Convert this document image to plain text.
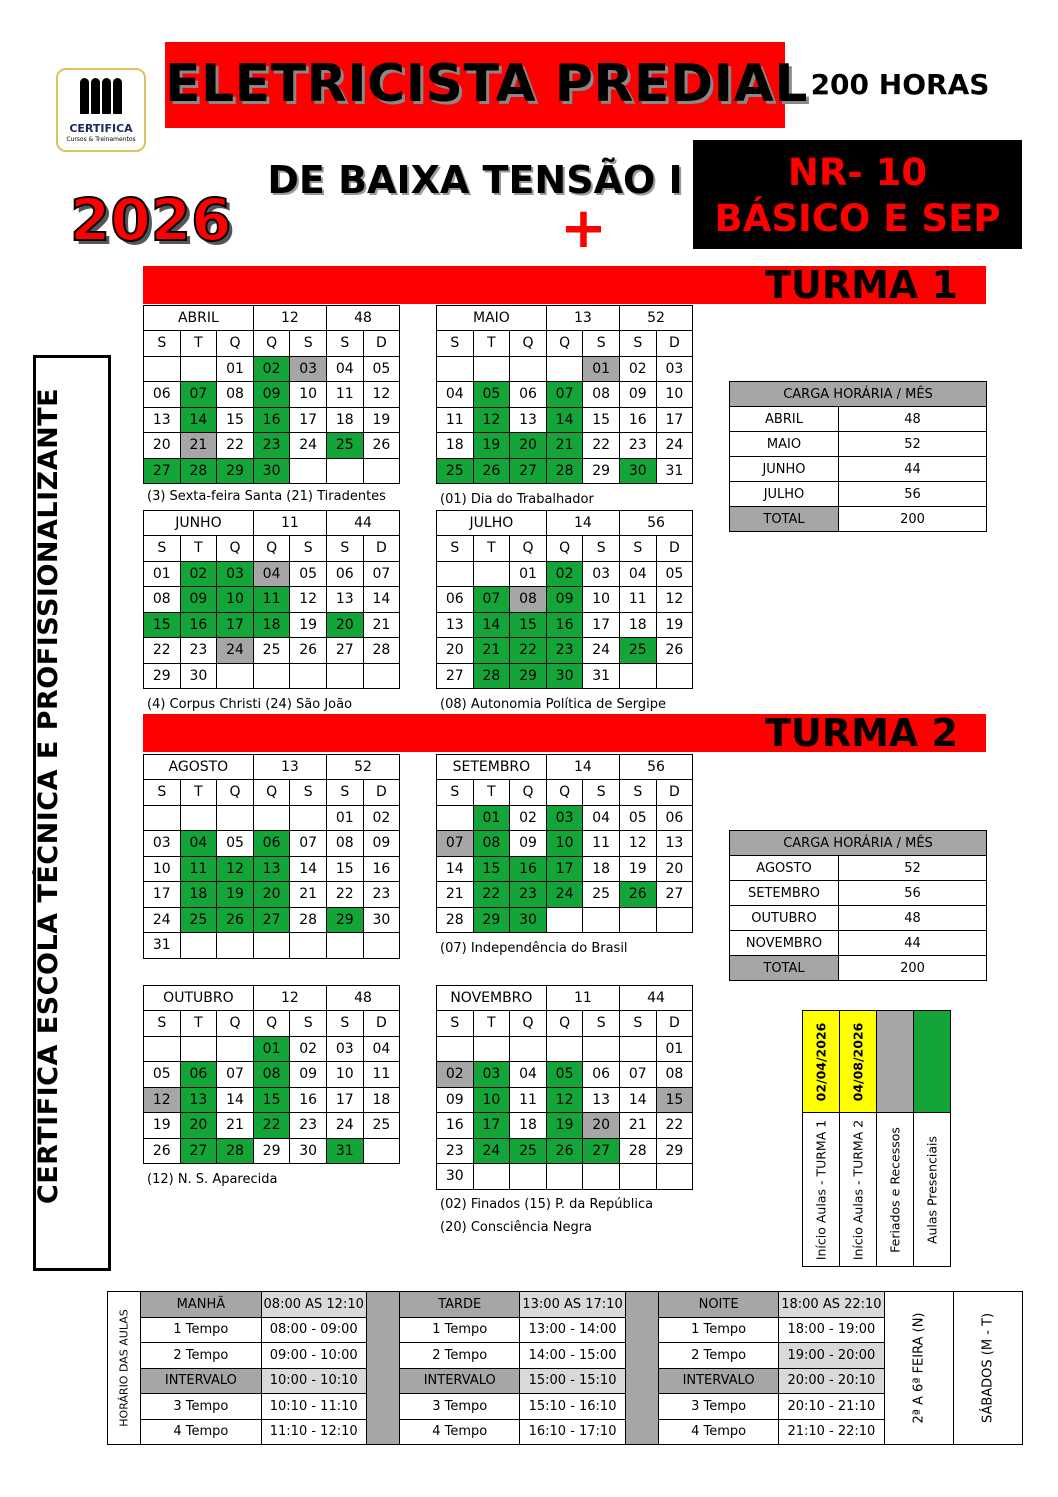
CERTIFICA
Cursos & Treinamentos
ELETRICISTA PREDIAL 200 HORAS
DE BAIXA TENSÃO I
2026	+
NR- 10
BÁSICO E SEP
CERTIFICA ESCOLA TÉCNICA E PROFISSIONALIZANTE
TURMA 1
TURMA 2
ABRIL			12		48	
S	T	Q	Q	S	S	D
		01	02	03	04	05
06	07	08	09	10	11	12
13	14	15	16	17	18	19
20	21	22	23	24	25	26
27	28	29	30			
(3) Sexta-feira Santa (21) Tiradentes
MAIO			13		52	
S	T	Q	Q	S	S	D
				01	02	03
04	05	06	07	08	09	10
11	12	13	14	15	16	17
18	19	20	21	22	23	24
25	26	27	28	29	30	31
(01) Dia do Trabalhador
JUNHO			11		44	
S	T	Q	Q	S	S	D
01	02	03	04	05	06	07
08	09	10	11	12	13	14
15	16	17	18	19	20	21
22	23	24	25	26	27	28
29	30					
(4) Corpus Christi (24) São João
JULHO			14		56	
S	T	Q	Q	S	S	D
		01	02	03	04	05
06	07	08	09	10	11	12
13	14	15	16	17	18	19
20	21	22	23	24	25	26
27	28	29	30	31		
(08) Autonomia Política de Sergipe
AGOSTO			13		52	
S	T	Q	Q	S	S	D
					01	02
03	04	05	06	07	08	09
10	11	12	13	14	15	16
17	18	19	20	21	22	23
24	25	26	27	28	29	30
31						
SETEMBRO			14		56	
S	T	Q	Q	S	S	D
	01	02	03	04	05	06
07	08	09	10	11	12	13
14	15	16	17	18	19	20
21	22	23	24	25	26	27
28	29	30				
(07) Independência do Brasil
OUTUBRO			12		48	
S	T	Q	Q	S	S	D
			01	02	03	04
05	06	07	08	09	10	11
12	13	14	15	16	17	18
19	20	21	22	23	24	25
26	27	28	29	30	31	
(12) N. S. Aparecida
NOVEMBRO			11		44	
S	T	Q	Q	S	S	D
						01
02	03	04	05	06	07	08
09	10	11	12	13	14	15
16	17	18	19	20	21	22
23	24	25	26	27	28	29
30						
(02) Finados (15) P. da República
(20) Consciência Negra
CARGA HORÁRIA / MÊS	
ABRIL	48
MAIO	52
JUNHO	44
JULHO	56
TOTAL	200
CARGA HORÁRIA / MÊS	
AGOSTO	52
SETEMBRO	56
OUTUBRO	48
NOVEMBRO	44
TOTAL	200
02/04/2026	04/08/2026		

Início Aulas - TURMA 1	Início Aulas - TURMA 2	Feriados e Recessos	Aulas Presenciais
HORÁRIO DAS AULAS	MANHÃ	08:00 AS 12:10		TARDE	13:00 AS 17:10		NOITE	18:00 AS 22:10	2ª A 6ª FEIRA (N)	SÁBADOS (M - T)

	1 Tempo	08:00 - 09:00		1 Tempo	13:00 - 14:00		1 Tempo	18:00 - 19:00		
	2 Tempo	09:00 - 10:00		2 Tempo	14:00 - 15:00		2 Tempo	19:00 - 20:00		
	INTERVALO	10:00 - 10:10		INTERVALO	15:00 - 15:10		INTERVALO	20:00 - 20:10		
	3 Tempo	10:10 - 11:10		3 Tempo	15:10 - 16:10		3 Tempo	20:10 - 21:10		
	4 Tempo	11:10 - 12:10		4 Tempo	16:10 - 17:10		4 Tempo	21:10 - 22:10		
